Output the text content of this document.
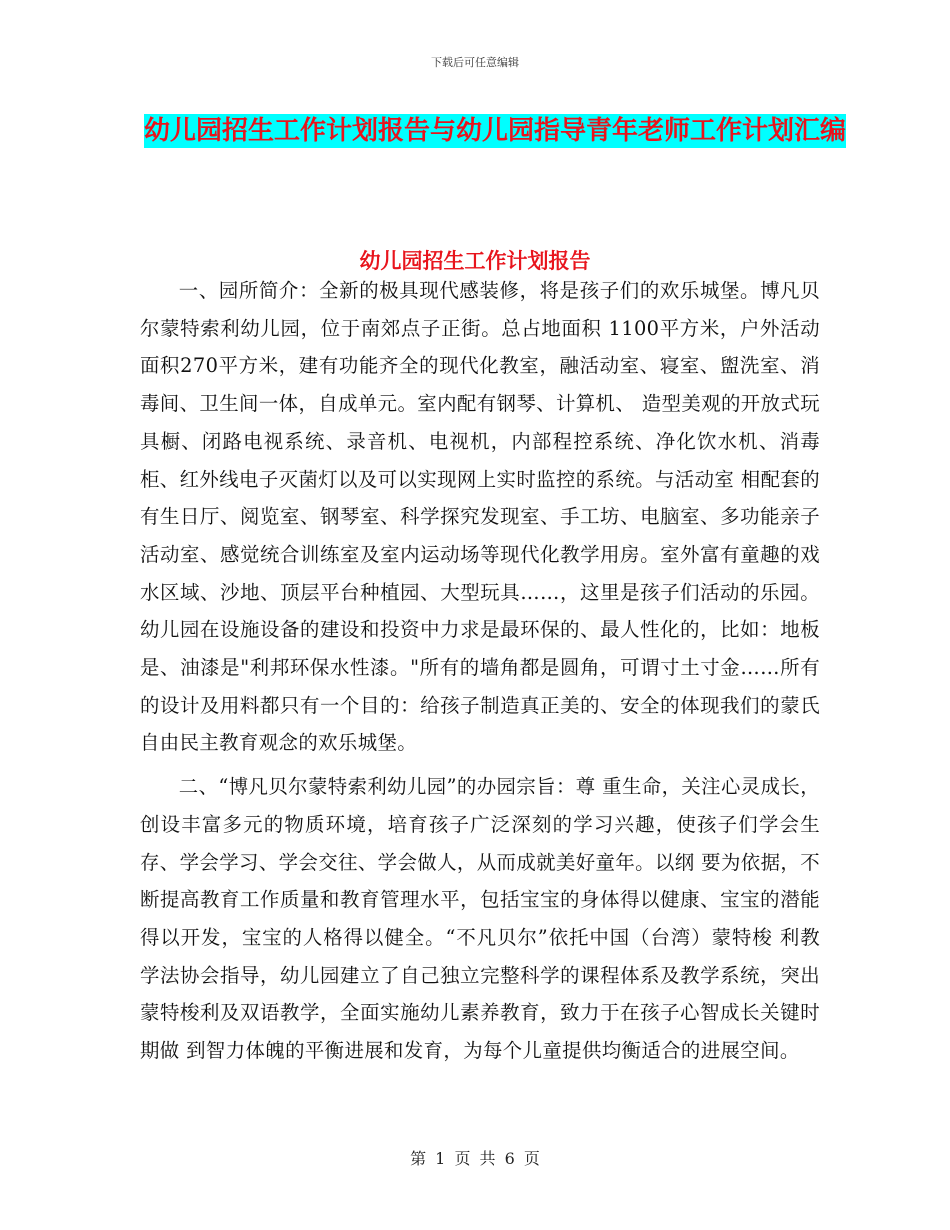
下载后可任意编辑
幼儿园招生工作计划报告与幼儿园指导青年老师工作计划汇编
幼儿园招生工作计划报告

一、园所简介：全新的极具现代感装修，将是孩子们的欢乐城堡。博凡贝尔蒙特索利幼儿园，位于南郊点子正街。总占地面积 1100平方米，户外活动面积270平方米，建有功能齐全的现代化教室，融活动室、寝室、盥洗室、消毒间、卫生间一体，自成单元。室内配有钢琴、计算机、 造型美观的开放式玩具橱、闭路电视系统、录音机、电视机，内部程控系统、净化饮水机、消毒柜、红外线电子灭菌灯以及可以实现网上实时监控的系统。与活动室 相配套的有生日厅、阅览室、钢琴室、科学探究发现室、手工坊、电脑室、多功能亲子活动室、感觉统合训练室及室内运动场等现代化教学用房。室外富有童趣的戏 水区域、沙地、顶层平台种植园、大型玩具……，这里是孩子们活动的乐园。幼儿园在设施设备的建设和投资中力求是最环保的、最人性化的，比如：地板是、油漆是"利邦环保水性漆。"所有的墙角都是圆角，可谓寸土寸金……所有的设计及用料都只有一个目的：给孩子制造真正美的、安全的体现我们的蒙氏自由民主教育观念的欢乐城堡。

二、“博凡贝尔蒙特索利幼儿园”的办园宗旨：尊 重生命，关注心灵成长，创设丰富多元的物质环境，培育孩子广泛深刻的学习兴趣，使孩子们学会生存、学会学习、学会交往、学会做人，从而成就美好童年。以纲 要为依据，不断提高教育工作质量和教育管理水平，包括宝宝的身体得以健康、宝宝的潜能得以开发，宝宝的人格得以健全。“不凡贝尔”依托中国（台湾）蒙特梭 利教学法协会指导，幼儿园建立了自己独立完整科学的课程体系及教学系统，突出蒙特梭利及双语教学，全面实施幼儿素养教育，致力于在孩子心智成长关键时期做 到智力体魄的平衡进展和发育，为每个儿童提供均衡适合的进展空间。

第 1 页 共 6 页
